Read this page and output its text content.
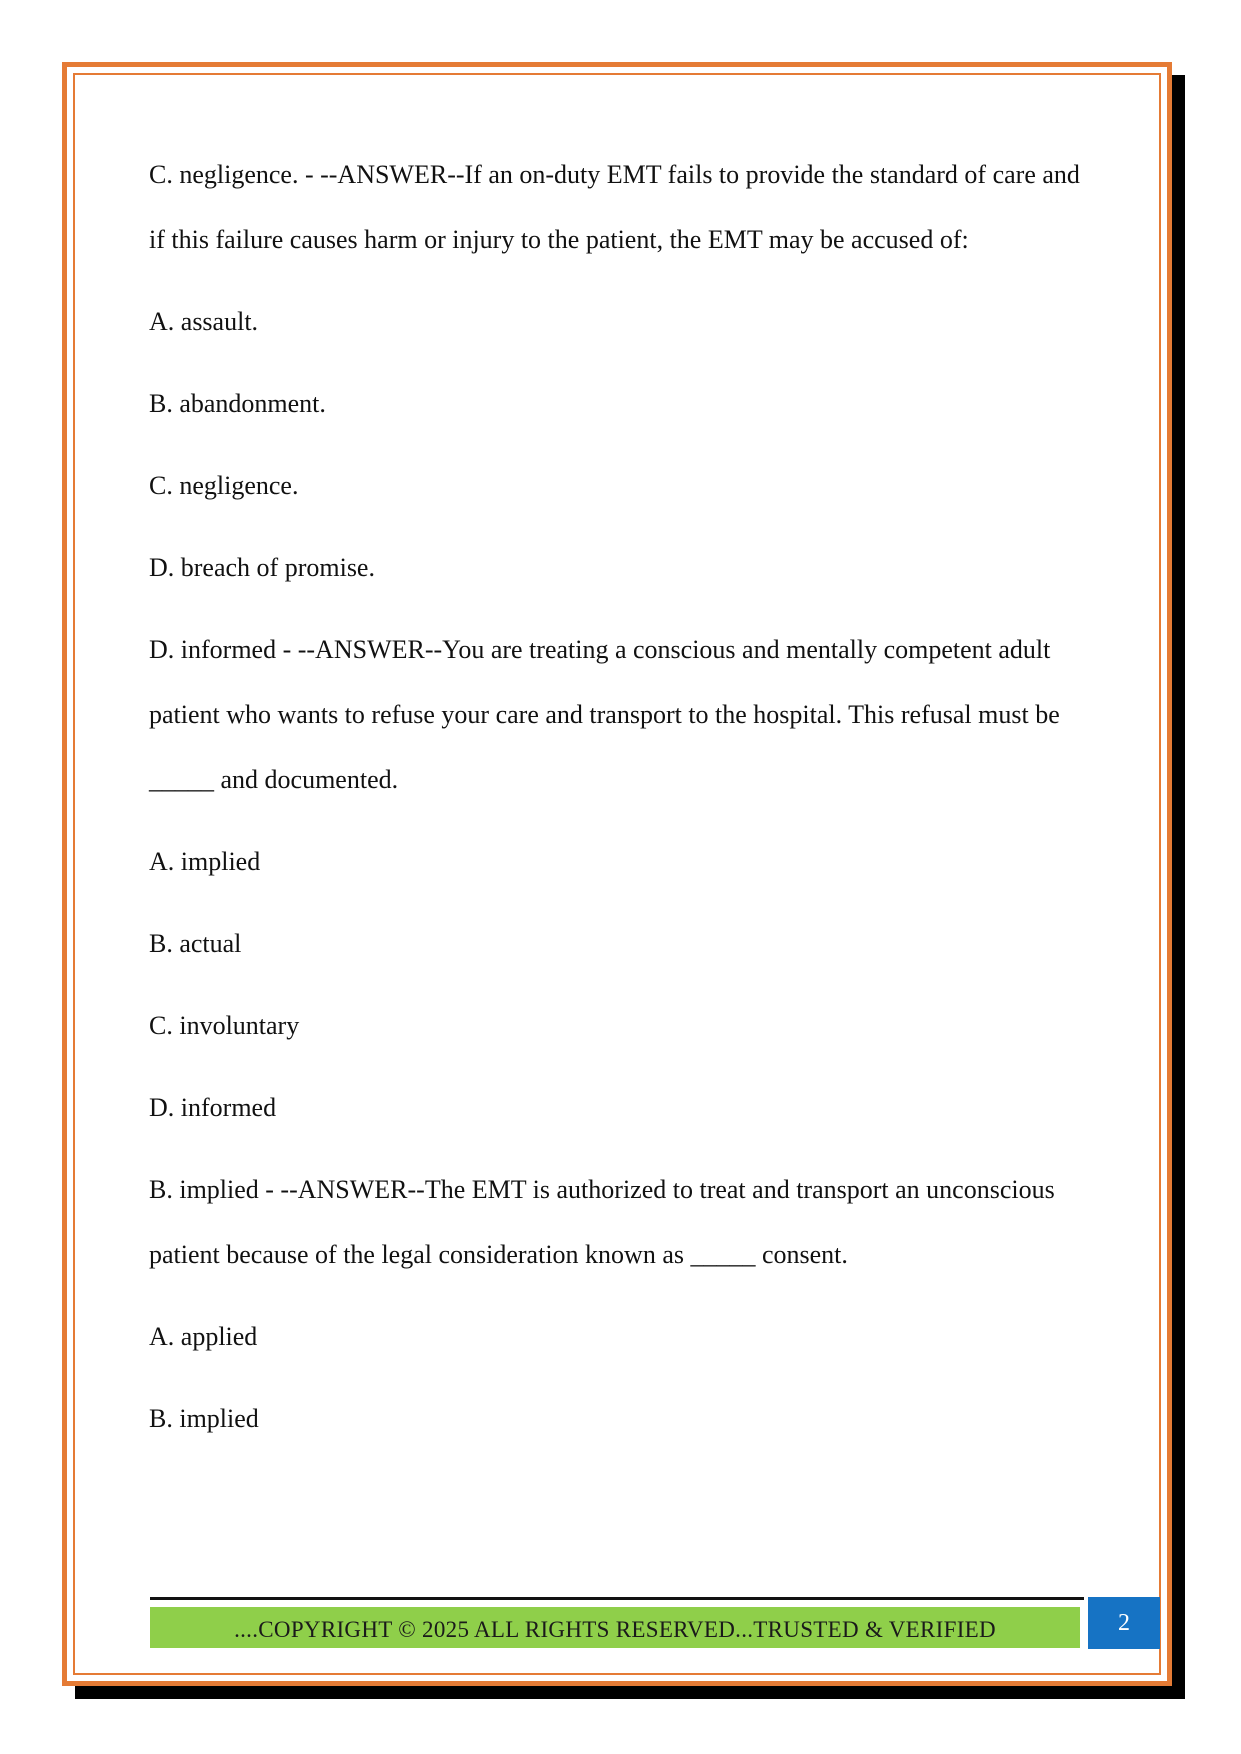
C. negligence. - --ANSWER--If an on-duty EMT fails to provide the standard of care and if this failure causes harm or injury to the patient, the EMT may be accused of:

A. assault.

B. abandonment.

C. negligence.

D. breach of promise.

D. informed - --ANSWER--You are treating a conscious and mentally competent adult patient who wants to refuse your care and transport to the hospital. This refusal must be _____ and documented.

A. implied

B. actual

C. involuntary

D. informed

B. implied - --ANSWER--The EMT is authorized to treat and transport an unconscious patient because of the legal consideration known as _____ consent.

A. applied

B. implied

....COPYRIGHT © 2025 ALL RIGHTS RESERVED...TRUSTED & VERIFIED	2
